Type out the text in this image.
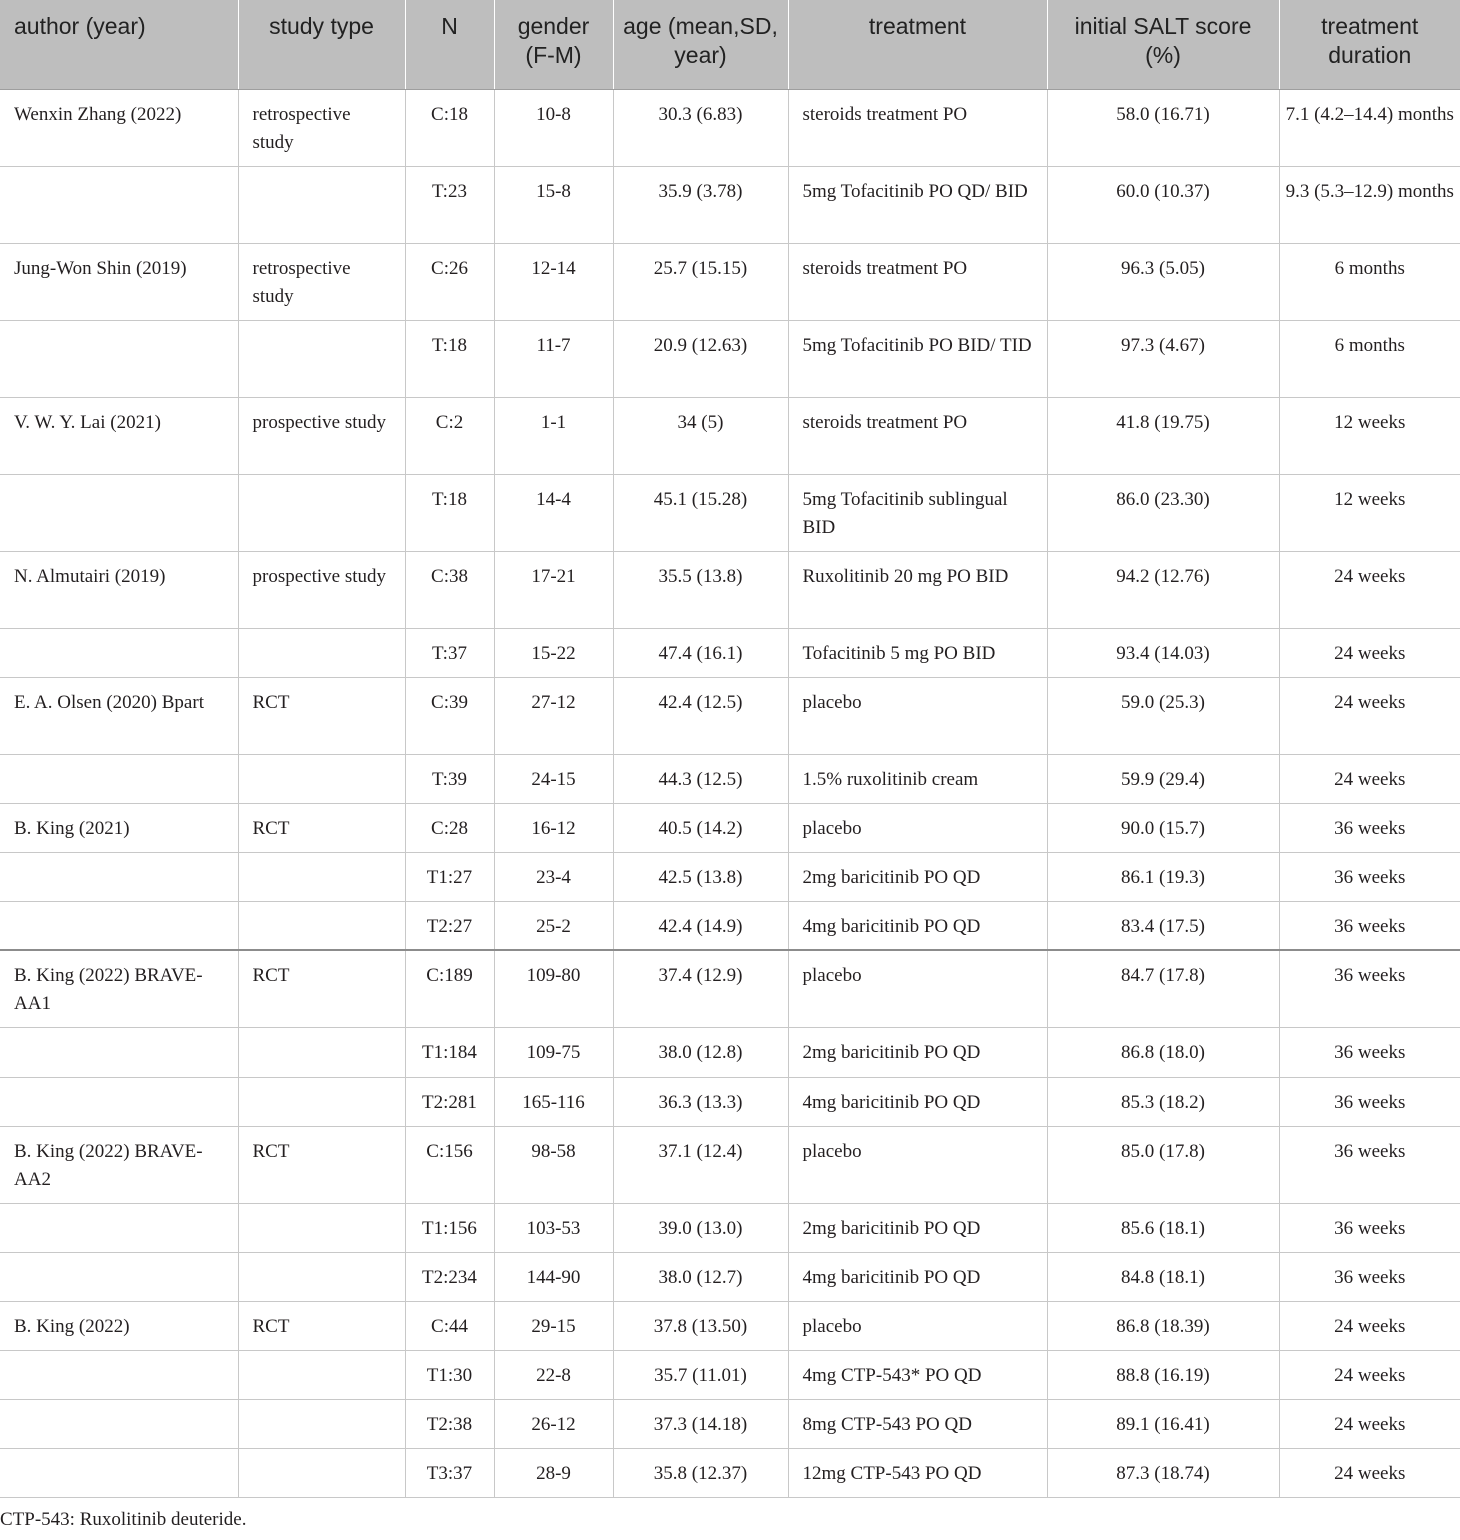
author (year)	study type	N	gender (F-M)	age (mean,SD, year)	treatment	initial SALT score (%)	treatment duration
Wenxin Zhang (2022)	retrospective study	C:18	10-8	30.3 (6.83)	steroids treatment PO	58.0 (16.71)	7.1 (4.2–14.4) months
		T:23	15-8	35.9 (3.78)	5mg Tofacitinib PO QD/ BID	60.0 (10.37)	9.3 (5.3–12.9) months
Jung-Won Shin (2019)	retrospective study	C:26	12-14	25.7 (15.15)	steroids treatment PO	96.3 (5.05)	6 months
		T:18	11-7	20.9 (12.63)	5mg Tofacitinib PO BID/ TID	97.3 (4.67)	6 months
V. W. Y. Lai (2021)	prospective study	C:2	1-1	34 (5)	steroids treatment PO	41.8 (19.75)	12 weeks
		T:18	14-4	45.1 (15.28)	5mg Tofacitinib sublingual BID	86.0 (23.30)	12 weeks
N. Almutairi (2019)	prospective study	C:38	17-21	35.5 (13.8)	Ruxolitinib 20 mg PO BID	94.2 (12.76)	24 weeks
		T:37	15-22	47.4 (16.1)	Tofacitinib 5 mg PO BID	93.4 (14.03)	24 weeks
E. A. Olsen (2020) Bpart	RCT	C:39	27-12	42.4 (12.5)	placebo	59.0 (25.3)	24 weeks
		T:39	24-15	44.3 (12.5)	1.5% ruxolitinib cream	59.9 (29.4)	24 weeks
B. King (2021)	RCT	C:28	16-12	40.5 (14.2)	placebo	90.0 (15.7)	36 weeks
		T1:27	23-4	42.5 (13.8)	2mg baricitinib PO QD	86.1 (19.3)	36 weeks
		T2:27	25-2	42.4 (14.9)	4mg baricitinib PO QD	83.4 (17.5)	36 weeks
B. King (2022) BRAVE-AA1	RCT	C:189	109-80	37.4 (12.9)	placebo	84.7 (17.8)	36 weeks
		T1:184	109-75	38.0 (12.8)	2mg baricitinib PO QD	86.8 (18.0)	36 weeks
		T2:281	165-116	36.3 (13.3)	4mg baricitinib PO QD	85.3 (18.2)	36 weeks
B. King (2022) BRAVE-AA2	RCT	C:156	98-58	37.1 (12.4)	placebo	85.0 (17.8)	36 weeks
		T1:156	103-53	39.0 (13.0)	2mg baricitinib PO QD	85.6 (18.1)	36 weeks
		T2:234	144-90	38.0 (12.7)	4mg baricitinib PO QD	84.8 (18.1)	36 weeks
B. King (2022)	RCT	C:44	29-15	37.8 (13.50)	placebo	86.8 (18.39)	24 weeks
		T1:30	22-8	35.7 (11.01)	4mg CTP-543* PO QD	88.8 (16.19)	24 weeks
		T2:38	26-12	37.3 (14.18)	8mg CTP-543 PO QD	89.1 (16.41)	24 weeks
		T3:37	28-9	35.8 (12.37)	12mg CTP-543 PO QD	87.3 (18.74)	24 weeks
CTP-543: Ruxolitinib deuteride.
